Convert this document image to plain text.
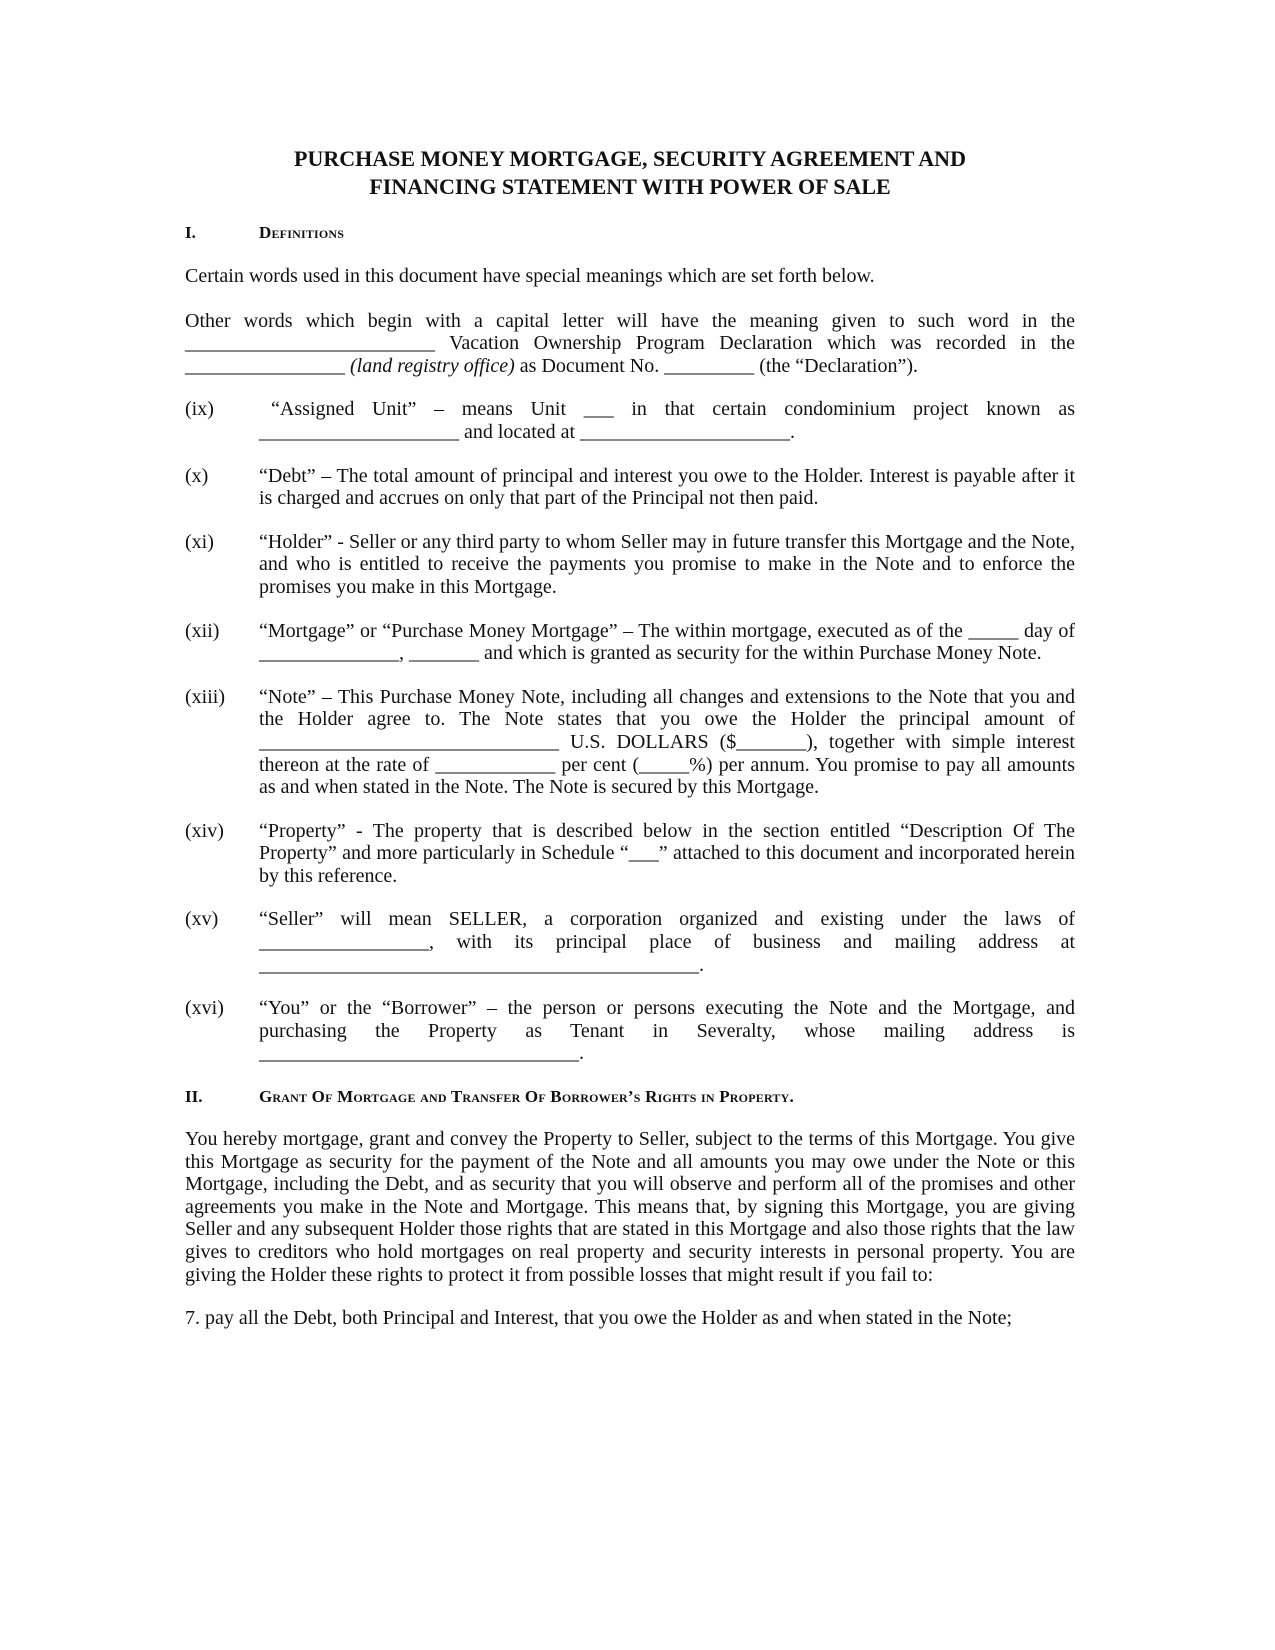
PURCHASE MONEY MORTGAGE, SECURITY AGREEMENT AND
FINANCING STATEMENT WITH POWER OF SALE
I.	Definitions

Certain words used in this document have special meanings which are set forth below.

Other words which begin with a capital letter will have the meaning given to such word in the _________________________ Vacation Ownership Program Declaration which was recorded in the ________________ (land registry office) as Document No. _________ (the “Declaration”).

(ix)	“Assigned Unit” – means Unit ___ in that certain condominium project known as ____________________ and located at _____________________.
(x)	“Debt” – The total amount of principal and interest you owe to the Holder. Interest is payable after it is charged and accrues on only that part of the Principal not then paid.
(xi)	“Holder” - Seller or any third party to whom Seller may in future transfer this Mortgage and the Note, and who is entitled to receive the payments you promise to make in the Note and to enforce the promises you make in this Mortgage.
(xii)	“Mortgage” or “Purchase Money Mortgage” – The within mortgage, executed as of the _____ day of ______________, _______ and which is granted as security for the within Purchase Money Note.
(xiii)	“Note” – This Purchase Money Note, including all changes and extensions to the Note that you and the Holder agree to. The Note states that you owe the Holder the principal amount of ______________________________ U.S. DOLLARS ($_______), together with simple interest thereon at the rate of ____________ per cent (_____%) per annum. You promise to pay all amounts as and when stated in the Note. The Note is secured by this Mortgage.
(xiv)	“Property” - The property that is described below in the section entitled “Description Of The Property” and more particularly in Schedule “___” attached to this document and incorporated herein by this reference.
(xv)	“Seller” will mean SELLER, a corporation organized and existing under the laws of _________________, with its principal place of business and mailing address at ____________________________________________.
(xvi)	“You” or the “Borrower” – the person or persons executing the Note and the Mortgage, and purchasing the Property as Tenant in Severalty, whose mailing address is ________________________________.
II.	Grant Of Mortgage and Transfer Of Borrower’s Rights in Property.

You hereby mortgage, grant and convey the Property to Seller, subject to the terms of this Mortgage. You give this Mortgage as security for the payment of the Note and all amounts you may owe under the Note or this Mortgage, including the Debt, and as security that you will observe and perform all of the promises and other agreements you make in the Note and Mortgage. This means that, by signing this Mortgage, you are giving Seller and any subsequent Holder those rights that are stated in this Mortgage and also those rights that the law gives to creditors who hold mortgages on real property and security interests in personal property. You are giving the Holder these rights to protect it from possible losses that might result if you fail to:

7. pay all the Debt, both Principal and Interest, that you owe the Holder as and when stated in the Note;
